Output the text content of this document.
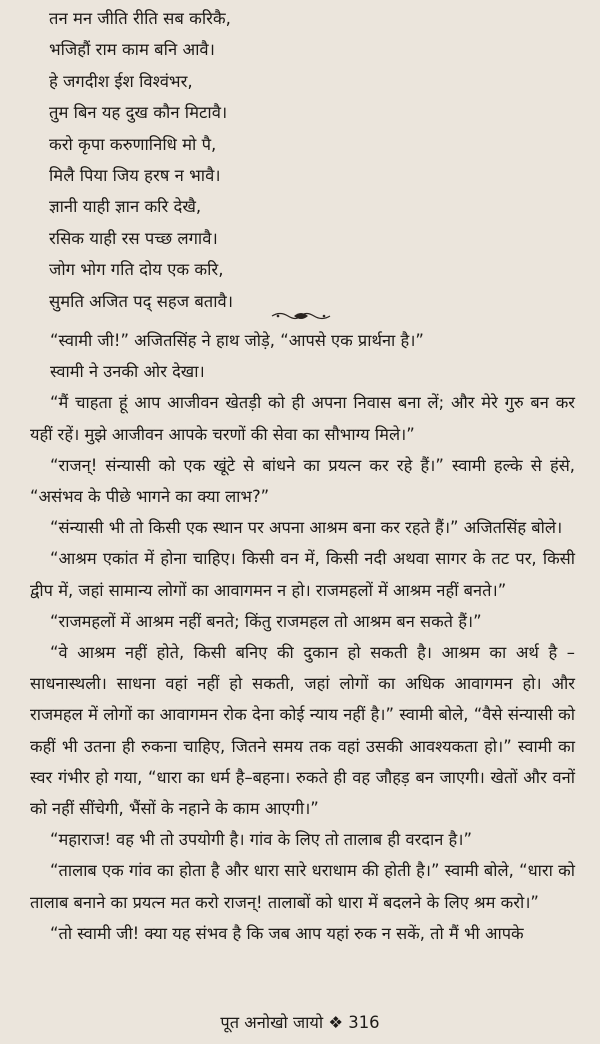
तन मन जीति रीति सब करिकै,
भजिहौं राम काम बनि आवै।
हे जगदीश ईश विश्वंभर,
तुम बिन यह दुख कौन मिटावै।
करो कृपा करुणानिधि मो पै,
मिलै पिया जिय हरष न भावै।
ज्ञानी याही ज्ञान करि देखै,
रसिक याही रस पच्छ लगावै।
जोग भोग गति दोय एक करि,
सुमति अजित पद् सहज बतावै।

“स्वामी जी!” अजितसिंह ने हाथ जोड़े, “आपसे एक प्रार्थना है।”

स्वामी ने उनकी ओर देखा।

“मैं चाहता हूं आप आजीवन खेतड़ी को ही अपना निवास बना लें; और मेरे गुरु बन कर यहीं रहें। मुझे आजीवन आपके चरणों की सेवा का सौभाग्य मिले।”

“राजन्! संन्यासी को एक खूंटे से बांधने का प्रयत्न कर रहे हैं।” स्वामी हल्के से हंसे, “असंभव के पीछे भागने का क्या लाभ?”

“संन्यासी भी तो किसी एक स्थान पर अपना आश्रम बना कर रहते हैं।” अजितसिंह बोले।

“आश्रम एकांत में होना चाहिए। किसी वन में, किसी नदी अथवा सागर के तट पर, किसी द्वीप में, जहां सामान्य लोगों का आवागमन न हो। राजमहलों में आश्रम नहीं बनते।”

“राजमहलों में आश्रम नहीं बनते; किंतु राजमहल तो आश्रम बन सकते हैं।”

“वे आश्रम नहीं होते, किसी बनिए की दुकान हो सकती है। आश्रम का अर्थ है –साधनास्थली। साधना वहां नहीं हो सकती, जहां लोगों का अधिक आवागमन हो। और राजमहल में लोगों का आवागमन रोक देना कोई न्याय नहीं है।” स्वामी बोले, “वैसे संन्यासी को कहीं भी उतना ही रुकना चाहिए, जितने समय तक वहां उसकी आवश्यकता हो।” स्वामी का स्वर गंभीर हो गया, “धारा का धर्म है–बहना। रुकते ही वह जौहड़ बन जाएगी। खेतों और वनों को नहीं सींचेगी, भैंसों के नहाने के काम आएगी।”

“महाराज! वह भी तो उपयोगी है। गांव के लिए तो तालाब ही वरदान है।”

“तालाब एक गांव का होता है और धारा सारे धराधाम की होती है।” स्वामी बोले, “धारा को तालाब बनाने का प्रयत्न मत करो राजन्! तालाबों को धारा में बदलने के लिए श्रम करो।”

“तो स्वामी जी! क्या यह संभव है कि जब आप यहां रुक न सकें, तो मैं भी आपके

पूत अनोखो जायो ❖ 316
